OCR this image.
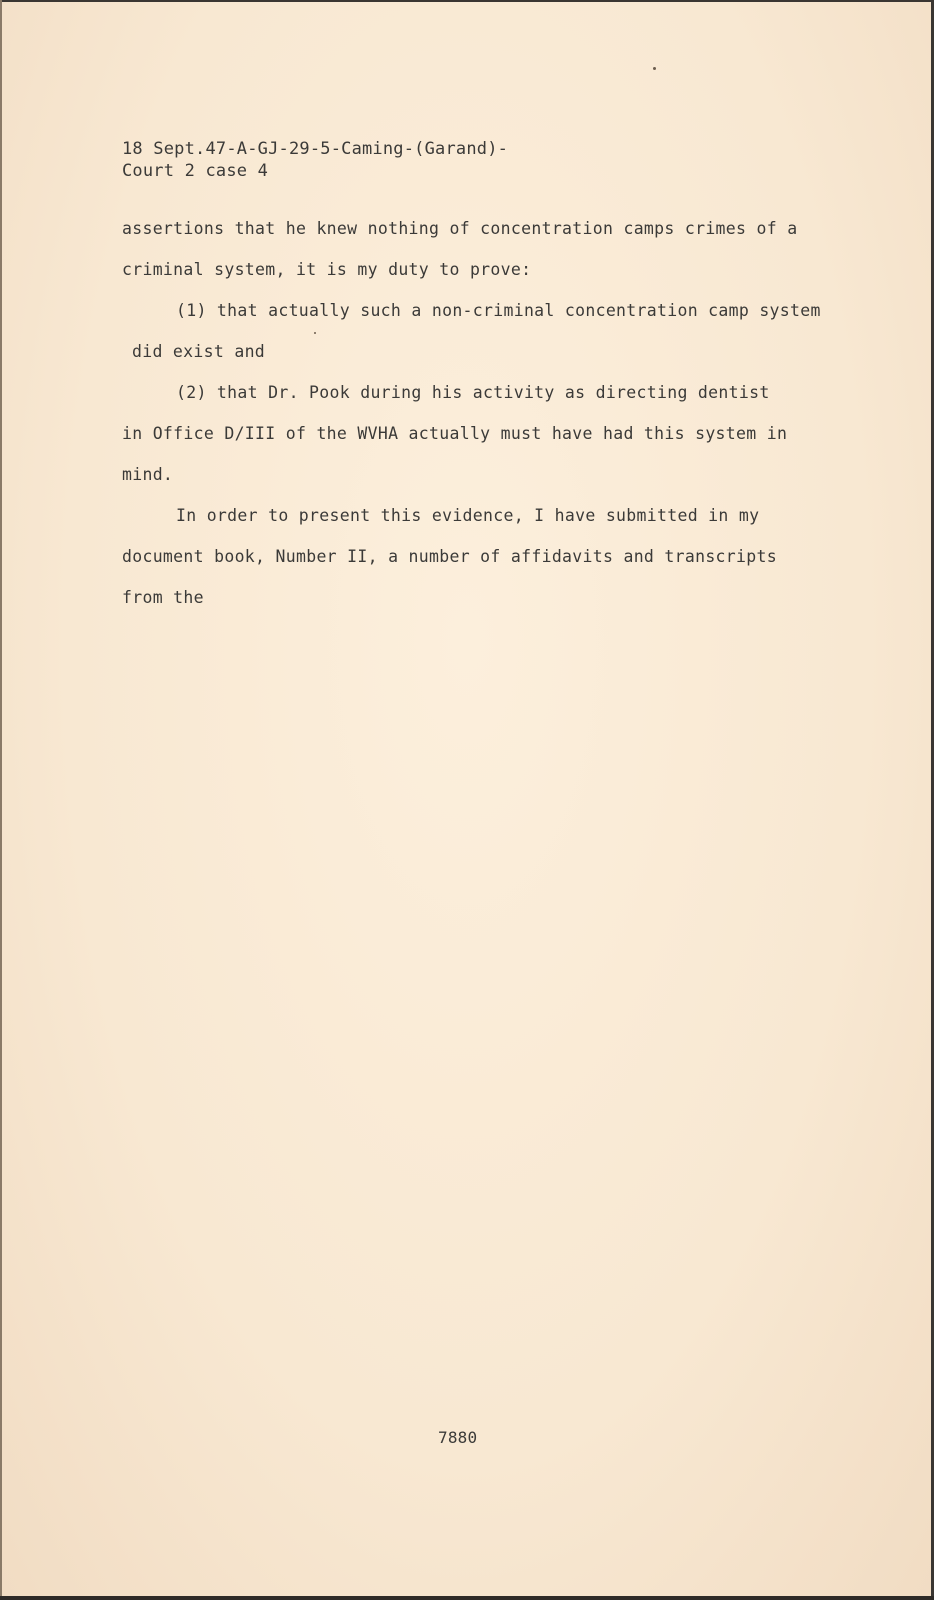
18 Sept.47-A-GJ-29-5-Caming-(Garand)-
Court 2 case 4
assertions that he knew nothing of concentration camps crimes of a
criminal system, it is my duty to prove:
(1) that actually such a non-criminal concentration camp system
did exist and
(2) that Dr. Pook during his activity as directing dentist
in Office D/III of the WVHA actually must have had this system in
mind.
In order to present this evidence, I have submitted in my
document book, Number II, a number of affidavits and transcripts
from the
7880
